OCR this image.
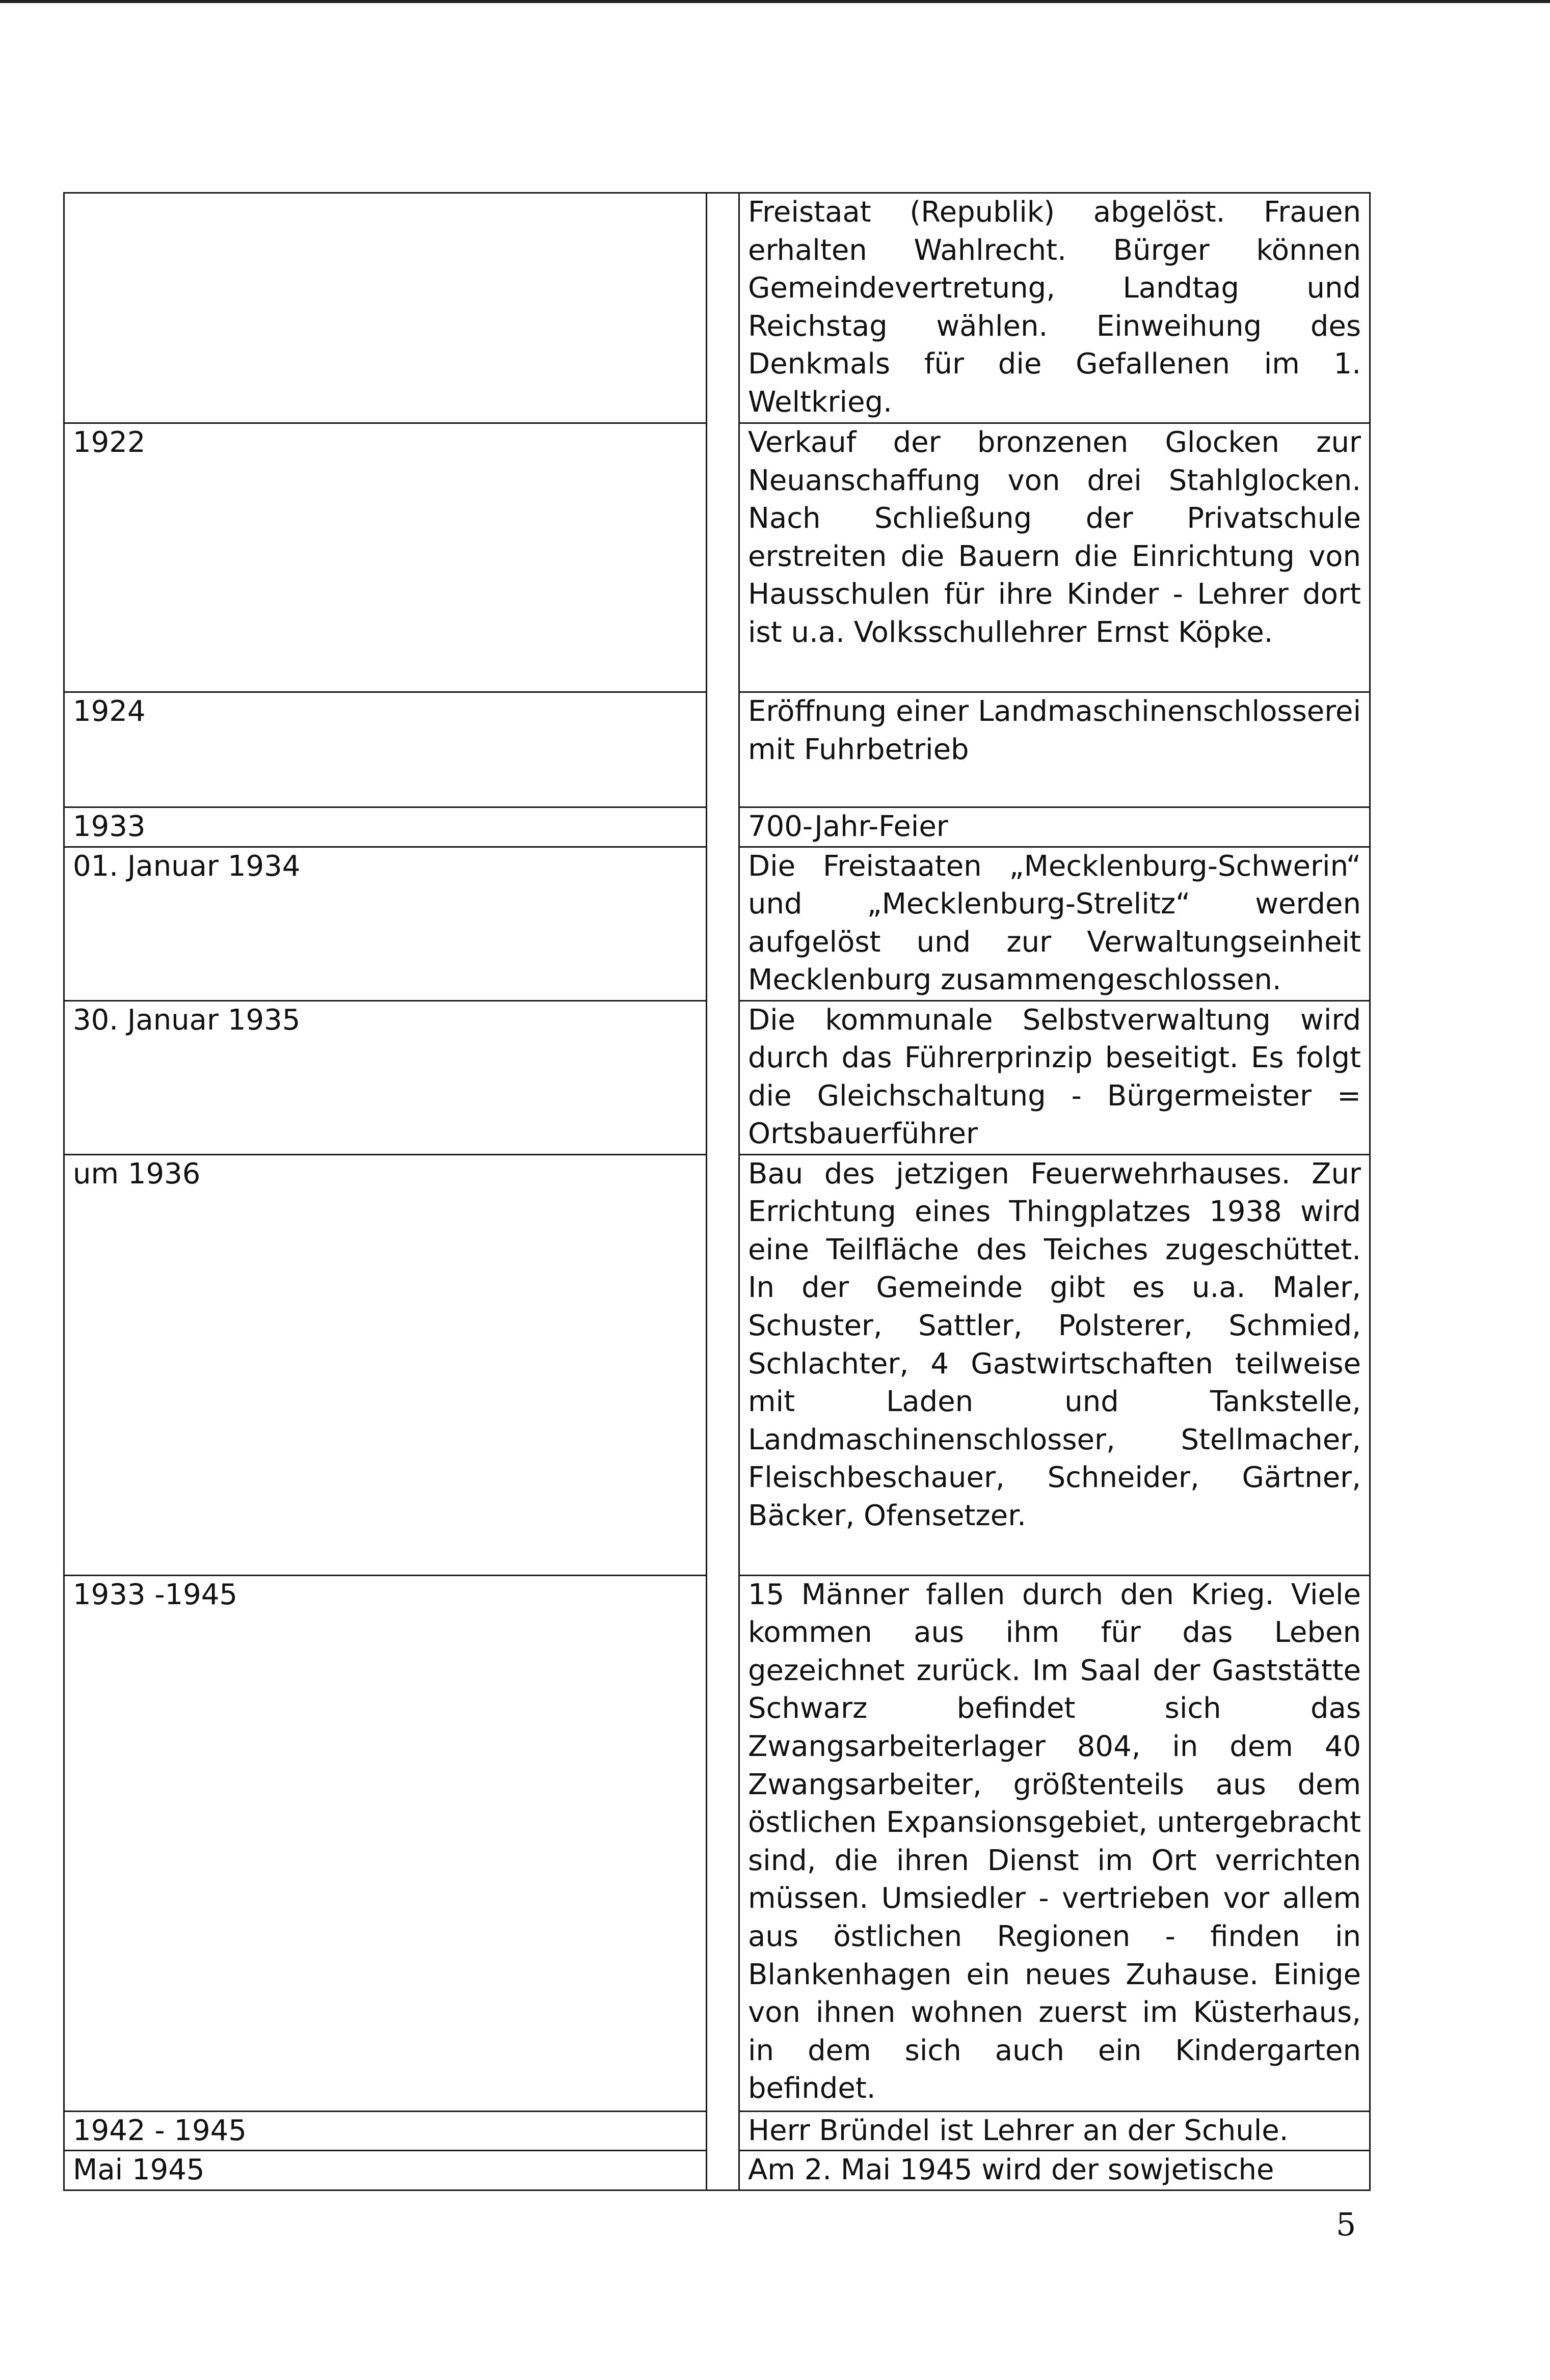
		Freistaat (Republik) abgelöst. Frauen erhalten Wahlrecht. Bürger können Gemeindevertretung, Landtag und Reichstag wählen. Einweihung des Denkmals für die Gefallenen im 1. Weltkrieg.
1922		Verkauf der bronzenen Glocken zur Neuanschaffung von drei Stahlglocken. Nach Schließung der Privatschule erstreiten die Bauern die Einrichtung von Hausschulen für ihre Kinder - Lehrer dort ist u.a. Volksschullehrer Ernst Köpke.
1924		Eröffnung einer Landmaschinenschlosserei mit Fuhrbetrieb
1933		700-Jahr-Feier
01. Januar 1934		Die Freistaaten „Mecklenburg-Schwerin“ und „Mecklenburg-Strelitz“ werden aufgelöst und zur Verwaltungseinheit Mecklenburg zusammengeschlossen.
30. Januar 1935		Die kommunale Selbstverwaltung wird durch das Führerprinzip beseitigt. Es folgt die Gleichschaltung - Bürgermeister = Ortsbauerführer
um 1936		Bau des jetzigen Feuerwehrhauses. Zur Errichtung eines Thingplatzes 1938 wird eine Teilfläche des Teiches zugeschüttet. In der Gemeinde gibt es u.a. Maler, Schuster, Sattler, Polsterer, Schmied, Schlachter, 4 Gastwirtschaften teilweise mit Laden und Tankstelle, Landmaschinenschlosser, Stellmacher, Fleischbeschauer, Schneider, Gärtner, Bäcker, Ofensetzer.
1933 -1945		15 Männer fallen durch den Krieg. Viele kommen aus ihm für das Leben gezeichnet zurück. Im Saal der Gaststätte Schwarz befindet sich das Zwangsarbeiterlager 804, in dem 40 Zwangsarbeiter, größtenteils aus dem östlichen Expansionsgebiet, untergebracht sind, die ihren Dienst im Ort verrichten müssen. Umsiedler - vertrieben vor allem aus östlichen Regionen - finden in Blankenhagen ein neues Zuhause. Einige von ihnen wohnen zuerst im Küsterhaus, in dem sich auch ein Kindergarten befindet.
1942 - 1945		Herr Bründel ist Lehrer an der Schule.
Mai 1945		Am 2. Mai 1945 wird der sowjetische
5
